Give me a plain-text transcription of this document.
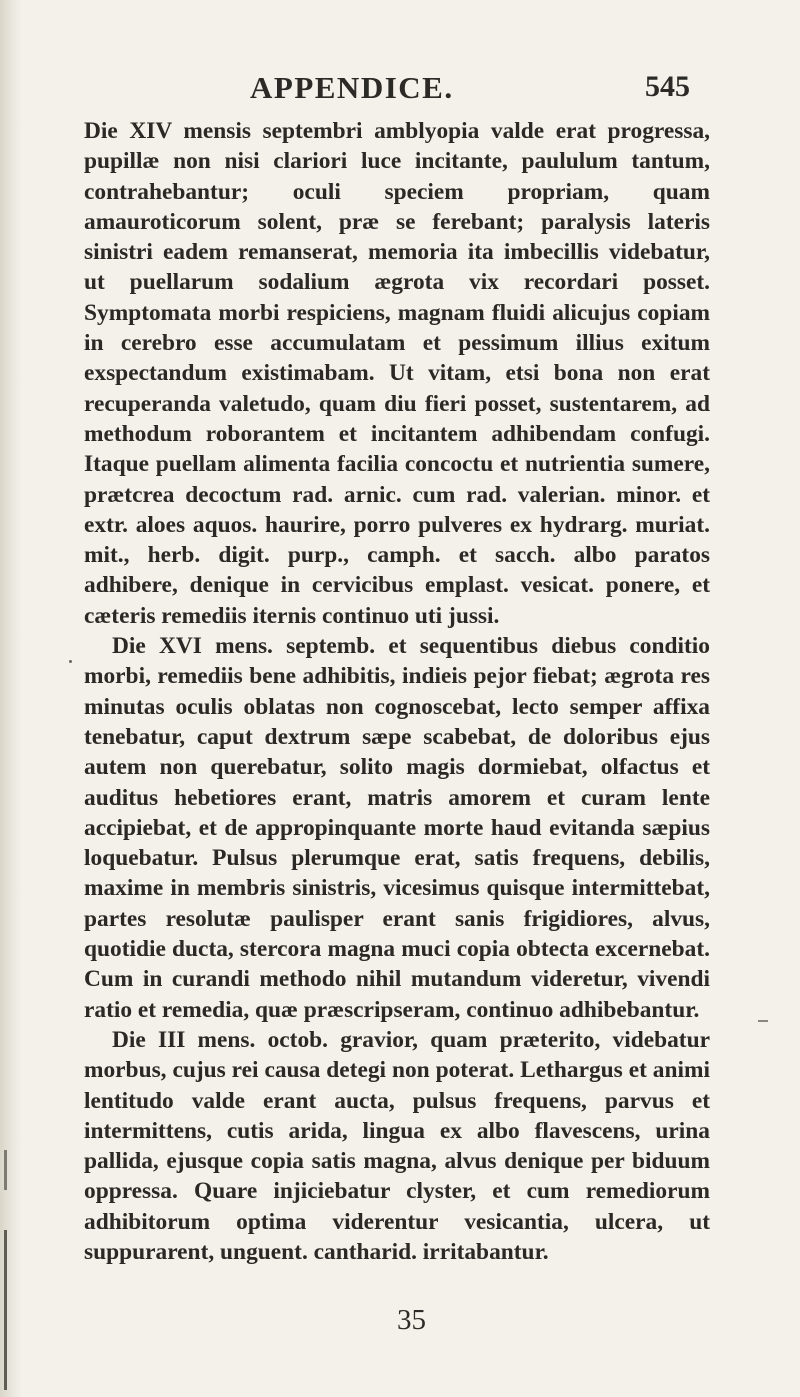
APPENDICE.	545

Die XIV mensis septembri amblyopia valde erat progressa, pupillæ non nisi clariori luce incitante, paululum tantum, contrahebantur; oculi speciem propriam, quam amauroticorum solent, præ se ferebant; paralysis lateris sinistri eadem remanserat, memoria ita imbecillis videbatur, ut puellarum sodalium ægrota vix recordari posset. Symptomata morbi respiciens, magnam fluidi alicujus copiam in cerebro esse accumulatam et pessimum illius exitum exspectandum existimabam. Ut vitam, etsi bona non erat recuperanda valetudo, quam diu fieri posset, sustentarem, ad methodum roborantem et incitantem adhibendam confugi. Itaque puellam alimenta facilia concoctu et nutrientia sumere, prætcrea decoctum rad. arnic. cum rad. valerian. minor. et extr. aloes aquos. haurire, porro pulveres ex hydrarg. muriat. mit., herb. digit. purp., camph. et sacch. albo paratos adhibere, denique in cervicibus emplast. vesicat. ponere, et cæteris remediis iternis continuo uti jussi.

Die XVI mens. septemb. et sequentibus diebus conditio morbi, remediis bene adhibitis, indieis pejor fiebat; ægrota res minutas oculis oblatas non cognoscebat, lecto semper affixa tenebatur, caput dextrum sæpe scabebat, de doloribus ejus autem non querebatur, solito magis dormiebat, olfactus et auditus hebetiores erant, matris amorem et curam lente accipiebat, et de appropinquante morte haud evitanda sæpius loquebatur. Pulsus plerumque erat, satis frequens, debilis, maxime in membris sinistris, vicesimus quisque intermittebat, partes resolutæ paulisper erant sanis frigidiores, alvus, quotidie ducta, stercora magna muci copia obtecta excernebat. Cum in curandi methodo nihil mutandum videretur, vivendi ratio et remedia, quæ præscripseram, continuo adhibebantur.

Die III mens. octob. gravior, quam præterito, videbatur morbus, cujus rei causa detegi non poterat. Lethargus et animi lentitudo valde erant aucta, pulsus frequens, parvus et intermittens, cutis arida, lingua ex albo flavescens, urina pallida, ejusque copia satis magna, alvus denique per biduum oppressa. Quare injiciebatur clyster, et cum remediorum adhibitorum optima viderentur vesicantia, ulcera, ut suppurarent, unguent. cantharid. irritabantur.

35
